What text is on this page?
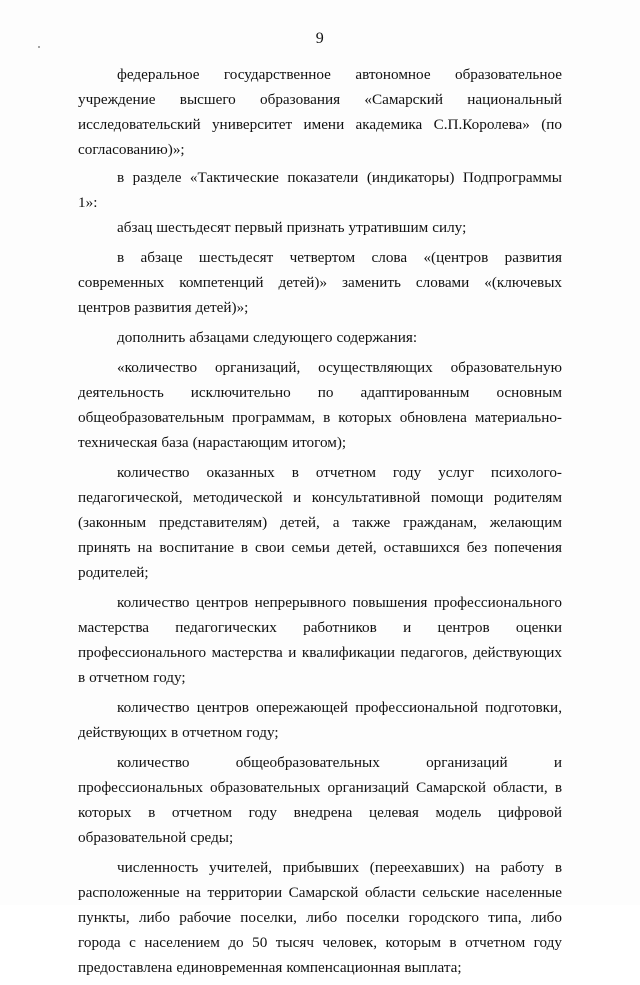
9

федеральное государственное автономное образовательное учреждение высшего образования «Самарский национальный исследовательский университет имени академика С.П.Королева» (по согласованию)»;

в разделе «Тактические показатели (индикаторы) Подпрограммы 1»:

абзац шестьдесят первый признать утратившим силу;

в абзаце шестьдесят четвертом слова «(центров развития современных компетенций детей)» заменить словами «(ключевых центров развития детей)»;

дополнить абзацами следующего содержания:

«количество организаций, осуществляющих образовательную деятельность исключительно по адаптированным основным общеобразовательным программам, в которых обновлена материально-техническая база (нарастающим итогом);

количество оказанных в отчетном году услуг психолого-педагогической, методической и консультативной помощи родителям (законным представителям) детей, а также гражданам, желающим принять на воспитание в свои семьи детей, оставшихся без попечения родителей;

количество центров непрерывного повышения профессионального мастерства педагогических работников и центров оценки профессионального мастерства и квалификации педагогов, действующих в отчетном году;

количество центров опережающей профессиональной подготовки, действующих в отчетном году;

количество общеобразовательных организаций и профессиональных образовательных организаций Самарской области, в которых в отчетном году внедрена целевая модель цифровой образовательной среды;

численность учителей, прибывших (переехавших) на работу в расположенные на территории Самарской области сельские населенные пункты, либо рабочие поселки, либо поселки городского типа, либо города с населением до 50 тысяч человек, которым в отчетном году предоставлена единовременная компенсационная выплата;
